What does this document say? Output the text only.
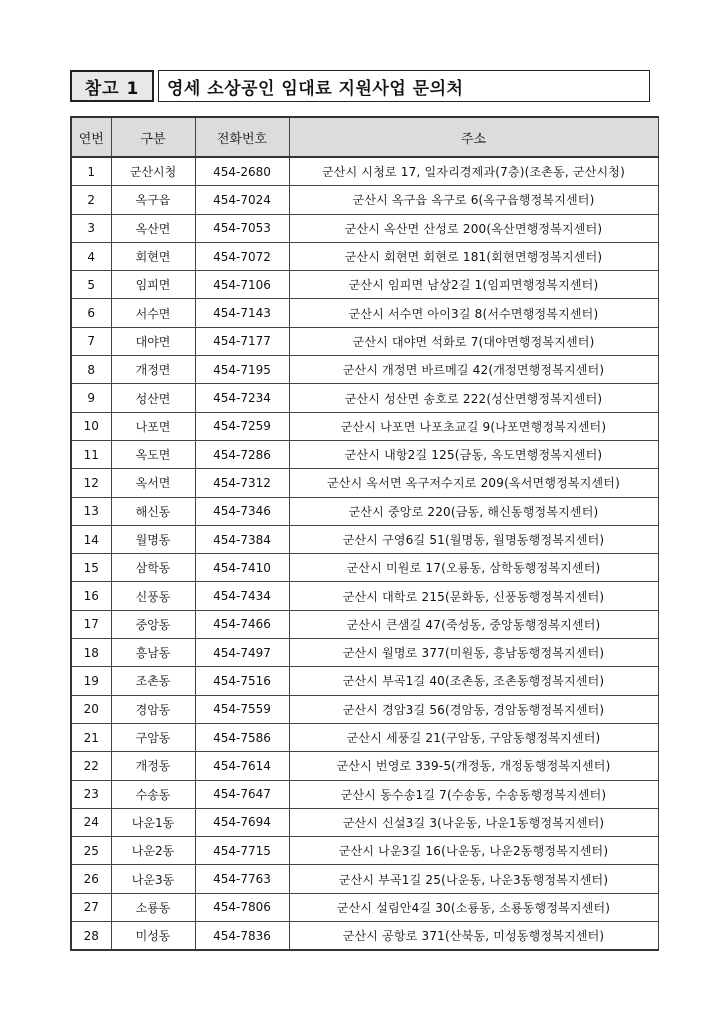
참고 1	영세 소상공인 임대료 지원사업 문의처
연번	구분	전화번호	주소
1	군산시청	454-2680	군산시 시청로 17, 일자리경제과(7층)(조촌동, 군산시청)
2	옥구읍	454-7024	군산시 옥구읍 옥구로 6(옥구읍행정복지센터)
3	옥산면	454-7053	군산시 옥산면 산성로 200(옥산면행정복지센터)
4	회현면	454-7072	군산시 회현면 회현로 181(회현면행정복지센터)
5	임피면	454-7106	군산시 임피면 남상2길 1(임피면행정복지센터)
6	서수면	454-7143	군산시 서수면 아이3길 8(서수면행정복지센터)
7	대야면	454-7177	군산시 대야면 석화로 7(대야면행정복지센터)
8	개정면	454-7195	군산시 개정면 바르메길 42(개정면행정복지센터)
9	성산면	454-7234	군산시 성산면 송호로 222(성산면행정복지센터)
10	나포면	454-7259	군산시 나포면 나포초교길 9(나포면행정복지센터)
11	옥도면	454-7286	군산시 내항2길 125(금동, 옥도면행정복지센터)
12	옥서면	454-7312	군산시 옥서면 옥구저수지로 209(옥서면행정복지센터)
13	해신동	454-7346	군산시 중앙로 220(금동, 해신동행정복지센터)
14	월명동	454-7384	군산시 구영6길 51(월명동, 월명동행정복지센터)
15	삼학동	454-7410	군산시 미원로 17(오룡동, 삼학동행정복지센터)
16	신풍동	454-7434	군산시 대학로 215(문화동, 신풍동행정복지센터)
17	중앙동	454-7466	군산시 큰샘길 47(죽성동, 중앙동행정복지센터)
18	흥남동	454-7497	군산시 월명로 377(미원동, 흥남동행정복지센터)
19	조촌동	454-7516	군산시 부곡1길 40(조촌동, 조촌동행정복지센터)
20	경암동	454-7559	군산시 경암3길 56(경암동, 경암동행정복지센터)
21	구암동	454-7586	군산시 세풍길 21(구암동, 구암동행정복지센터)
22	개정동	454-7614	군산시 번영로 339-5(개정동, 개정동행정복지센터)
23	수송동	454-7647	군산시 동수송1길 7(수송동, 수송동행정복지센터)
24	나운1동	454-7694	군산시 신설3길 3(나운동, 나운1동행정복지센터)
25	나운2동	454-7715	군산시 나운3길 16(나운동, 나운2동행정복지센터)
26	나운3동	454-7763	군산시 부곡1길 25(나운동, 나운3동행정복지센터)
27	소룡동	454-7806	군산시 설림안4길 30(소룡동, 소룡동행정복지센터)
28	미성동	454-7836	군산시 공항로 371(산북동, 미성동행정복지센터)
